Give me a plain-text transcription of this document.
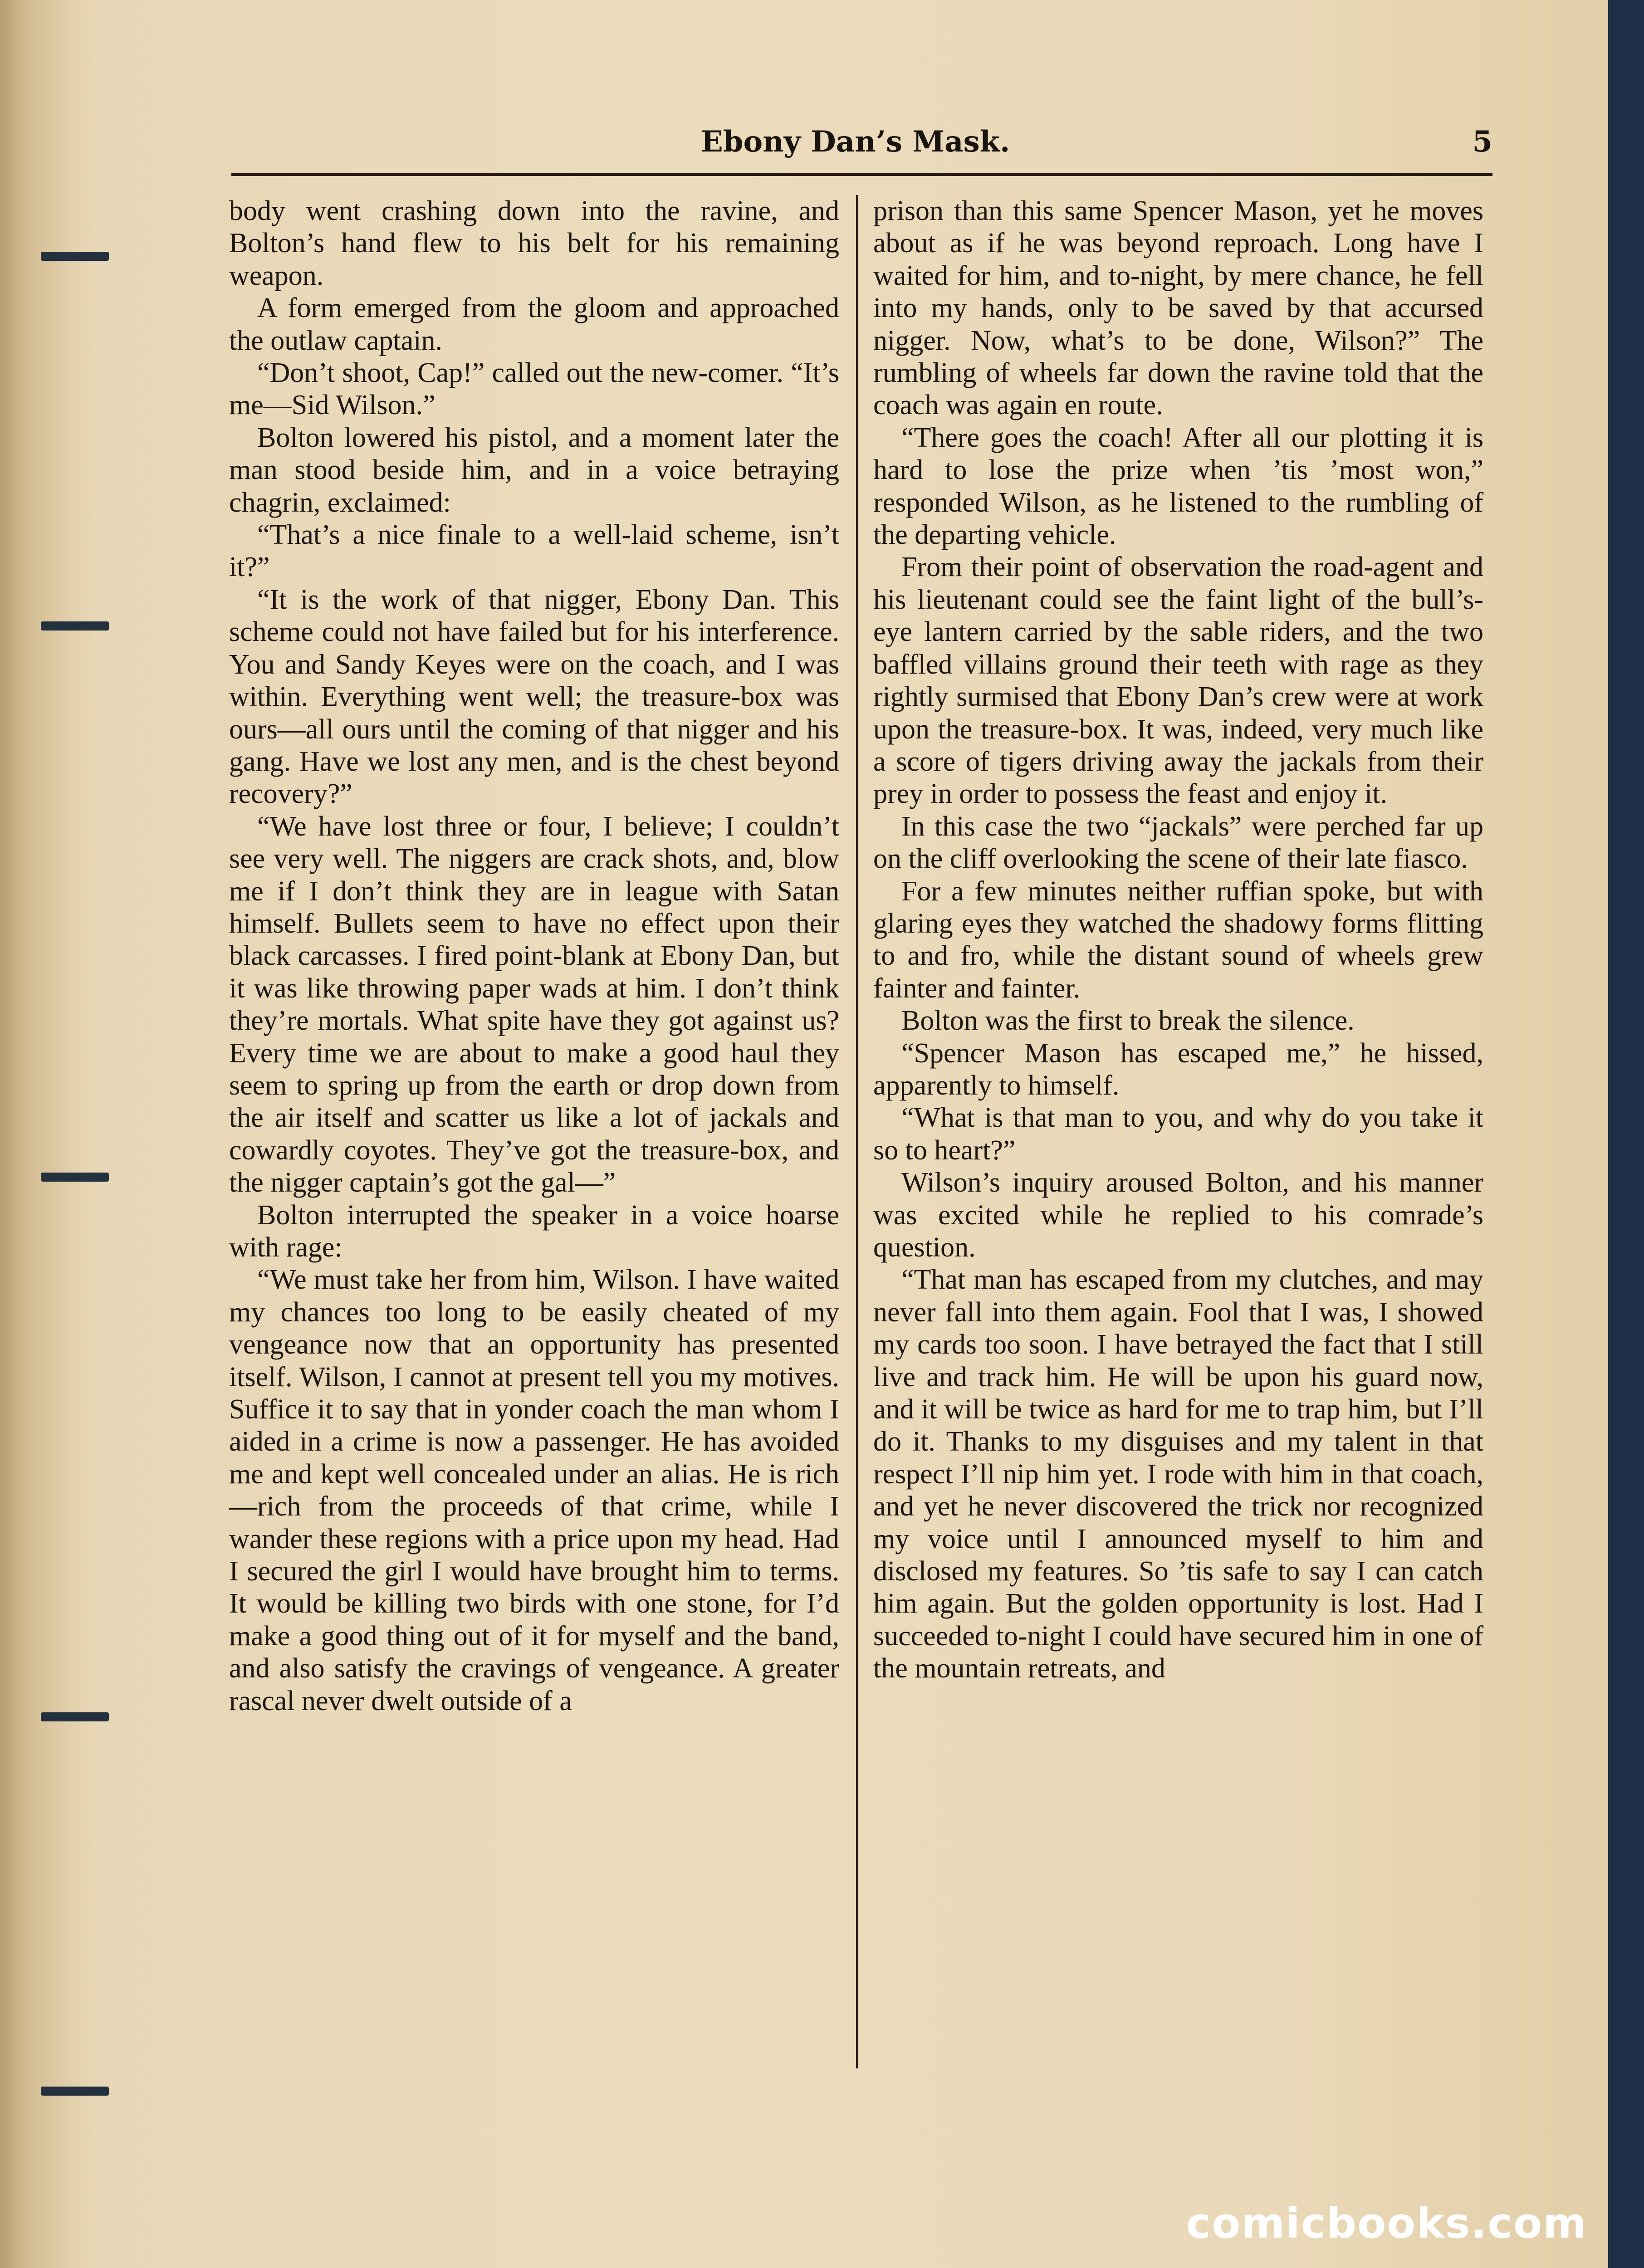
Ebony Dan’s Mask.	5

body went crashing down into the ravine, and Bolton’s hand flew to his belt for his remaining weapon.

A form emerged from the gloom and approached the outlaw captain.

“Don’t shoot, Cap!” called out the new-comer. “It’s me—Sid Wilson.”

Bolton lowered his pistol, and a moment later the man stood beside him, and in a voice betraying chagrin, exclaimed:

“That’s a nice finale to a well-laid scheme, isn’t it?”

“It is the work of that nigger, Ebony Dan. This scheme could not have failed but for his interference. You and Sandy Keyes were on the coach, and I was within. Everything went well; the treasure-box was ours—all ours until the coming of that nigger and his gang. Have we lost any men, and is the chest beyond recovery?”

“We have lost three or four, I believe; I couldn’t see very well. The niggers are crack shots, and, blow me if I don’t think they are in league with Satan himself. Bullets seem to have no effect upon their black carcasses. I fired point-blank at Ebony Dan, but it was like throwing paper wads at him. I don’t think they’re mortals. What spite have they got against us? Every time we are about to make a good haul they seem to spring up from the earth or drop down from the air itself and scatter us like a lot of jackals and cowardly coyotes. They’ve got the treasure-box, and the nigger captain’s got the gal—”

Bolton interrupted the speaker in a voice hoarse with rage:

“We must take her from him, Wilson. I have waited my chances too long to be easily cheated of my vengeance now that an opportunity has presented itself. Wilson, I cannot at present tell you my motives. Suffice it to say that in yonder coach the man whom I aided in a crime is now a passenger. He has avoided me and kept well concealed under an alias. He is rich—rich from the proceeds of that crime, while I wander these regions with a price upon my head. Had I secured the girl I would have brought him to terms. It would be killing two birds with one stone, for I’d make a good thing out of it for myself and the band, and also satisfy the cravings of vengeance. A greater rascal never dwelt outside of a

prison than this same Spencer Mason, yet he moves about as if he was beyond reproach. Long have I waited for him, and to-night, by mere chance, he fell into my hands, only to be saved by that accursed nigger. Now, what’s to be done, Wilson?” The rumbling of wheels far down the ravine told that the coach was again en route.

“There goes the coach! After all our plotting it is hard to lose the prize when ’tis ’most won,” responded Wilson, as he listened to the rumbling of the departing vehicle.

From their point of observation the road-agent and his lieutenant could see the faint light of the bull’s-eye lantern carried by the sable riders, and the two baffled villains ground their teeth with rage as they rightly surmised that Ebony Dan’s crew were at work upon the treasure-box. It was, indeed, very much like a score of tigers driving away the jackals from their prey in order to possess the feast and enjoy it.

In this case the two “jackals” were perched far up on the cliff overlooking the scene of their late fiasco.

For a few minutes neither ruffian spoke, but with glaring eyes they watched the shadowy forms flitting to and fro, while the distant sound of wheels grew fainter and fainter.

Bolton was the first to break the silence.

“Spencer Mason has escaped me,” he hissed, apparently to himself.

“What is that man to you, and why do you take it so to heart?”

Wilson’s inquiry aroused Bolton, and his manner was excited while he replied to his comrade’s question.

“That man has escaped from my clutches, and may never fall into them again. Fool that I was, I showed my cards too soon. I have betrayed the fact that I still live and track him. He will be upon his guard now, and it will be twice as hard for me to trap him, but I’ll do it. Thanks to my disguises and my talent in that respect I’ll nip him yet. I rode with him in that coach, and yet he never discovered the trick nor recognized my voice until I announced myself to him and disclosed my features. So ’tis safe to say I can catch him again. But the golden opportunity is lost. Had I succeeded to-night I could have secured him in one of the mountain retreats, and

comicbooks.com
